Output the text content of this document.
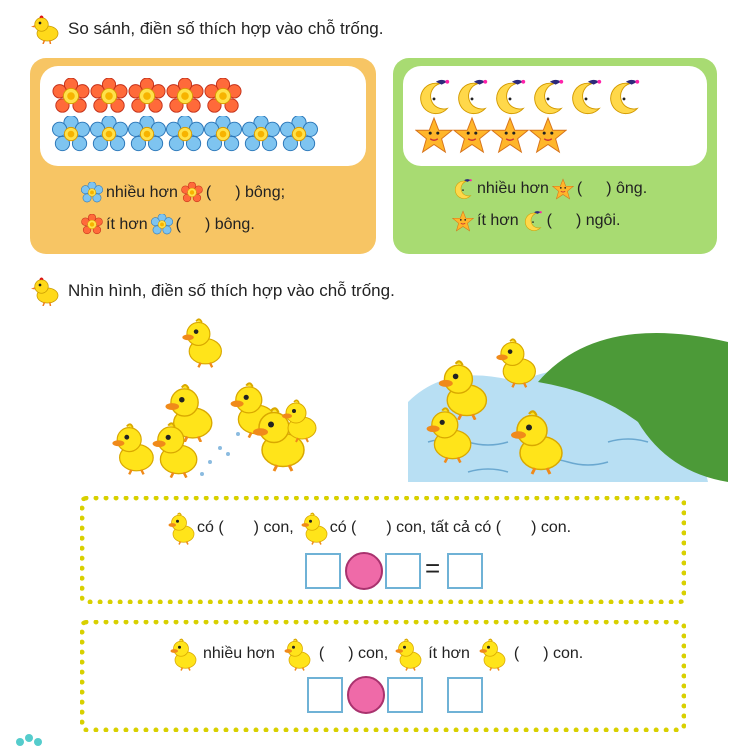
So sánh, điền số thích hợp vào chỗ trống.
nhiều hơn ( ) bông;
ít hơn ( ) bông.
nhiều hơn ( ) ông.
ít hơn ( ) ngôi.
Nhìn hình, điền số thích hợp vào chỗ trống.
có ( ) con, có ( ) con, tất cả có ( ) con.
=
nhiều hơn	( ) con,	ít hơn	( ) con.
